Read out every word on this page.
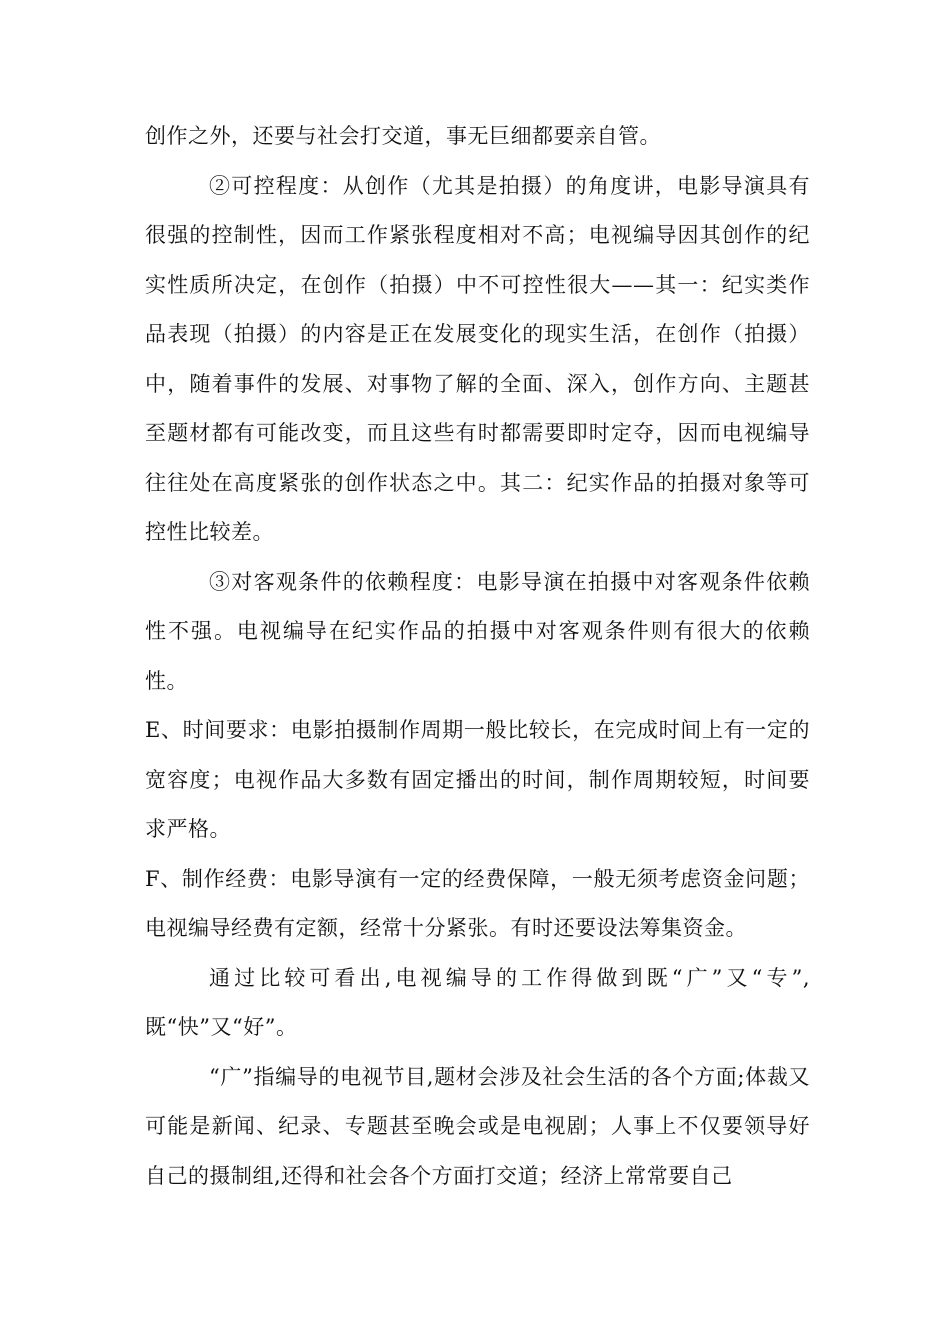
创作之外，还要与社会打交道，事无巨细都要亲自管。

②可控程度：从创作（尤其是拍摄）的角度讲，电影导演具有很强的控制性，因而工作紧张程度相对不高；电视编导因其创作的纪实性质所决定，在创作（拍摄）中不可控性很大——其一：纪实类作品表现（拍摄）的内容是正在发展变化的现实生活，在创作（拍摄）中，随着事件的发展、对事物了解的全面、深入，创作方向、主题甚至题材都有可能改变，而且这些有时都需要即时定夺，因而电视编导往往处在高度紧张的创作状态之中。其二：纪实作品的拍摄对象等可控性比较差。

③对客观条件的依赖程度：电影导演在拍摄中对客观条件依赖性不强。电视编导在纪实作品的拍摄中对客观条件则有很大的依赖性。

E、时间要求：电影拍摄制作周期一般比较长，在完成时间上有一定的宽容度；电视作品大多数有固定播出的时间，制作周期较短，时间要求严格。

F、制作经费：电影导演有一定的经费保障，一般无须考虑资金问题；电视编导经费有定额，经常十分紧张。有时还要设法筹集资金。

通过比较可看出,电视编导的工作得做到既“广”又“专”,既“快”又“好”。

“广”指编导的电视节目,题材会涉及社会生活的各个方面;体裁又可能是新闻、纪录、专题甚至晚会或是电视剧；人事上不仅要领导好自己的摄制组,还得和社会各个方面打交道；经济上常常要自己
